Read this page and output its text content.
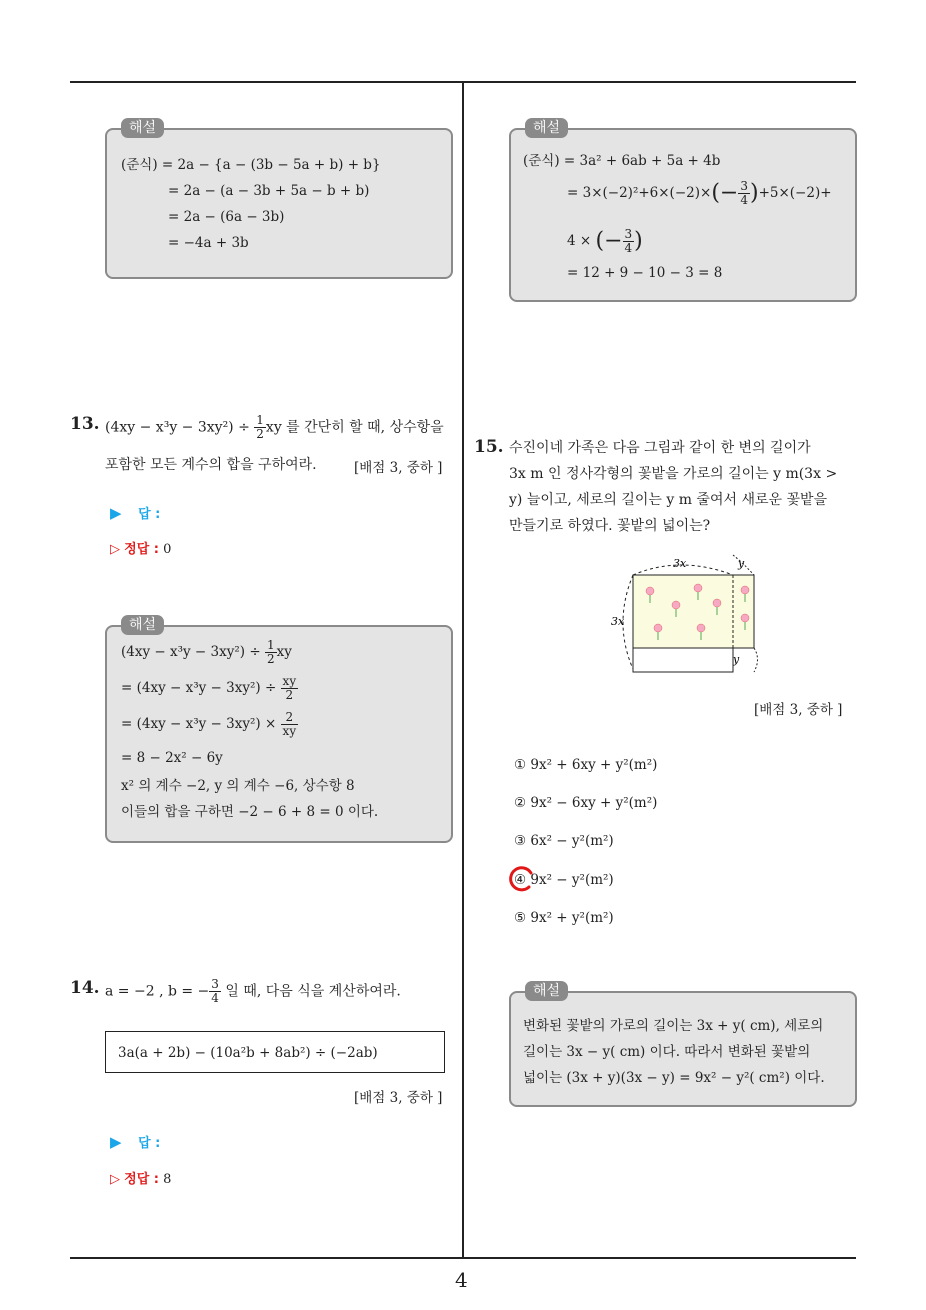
4
해설
(준식) = 2a − {a − (3b − 5a + b) + b}
= 2a − (a − 3b + 5a − b + b)
= 2a − (6a − 3b)
= −4a + 3b
13. $(4xy - x^3y - 3xy^2) \div \frac{1}{2}$ xy 를 간단히 할 때, 상수항을
포함한 모든 계수의 합을 구하여라.	[배점 3, 중하 ]
▶ 답 :
▷ 정답 : 0
해설
$(4xy - x^3y - 3xy^2) \div \frac{1}{2}$ xy
= $(4xy - x^3y - 3xy^2) \div \frac{xy}{2}$
= $(4xy - x^3y - 3xy^2) \times \frac{2}{xy}$
= 8 − 2x² − 6y
x² 의 계수 −2, y 의 계수 −6, 상수항 8
이들의 합을 구하면 −2 − 6 + 8 = 0 이다.
14. a = −2 , b = − $\frac{3}{4}$ 일 때, 다음 식을 계산하여라.
3a(a + 2b) − (10a²b + 8ab²) ÷ (−2ab)
[배점 3, 중하 ]
▶ 답 :
▷ 정답 : 8
해설
(준식) = 3a² + 6ab + 5a + 4b
= $3\times(-2)^2+6\times(-2)\times(- \frac{3}{4} )+5\times(-2)+$
4 × (− $\frac{3}{4}$ )
= 12 + 9 − 10 − 3 = 8
15. 수진이네 가족은 다음 그림과 같이 한 변의 길이가
3x m 인 정사각형의 꽃밭을 가로의 길이는 y m(3x >
y) 늘이고, 세로의 길이는 y m 줄여서 새로운 꽃밭을
만들기로 하였다. 꽃밭의 넓이는?
3x
3x
y
y
[배점 3, 중하 ]
① 9x² + 6xy + y²(m²)
② 9x² − 6xy + y²(m²)
③ 6x² − y²(m²)
④ 9x² − y²(m²)
⑤ 9x² + y²(m²)
해설
변화된 꽃밭의 가로의 길이는 3x + y( cm), 세로의
길이는 3x − y( cm) 이다. 따라서 변화된 꽃밭의
넓이는 (3x + y)(3x − y) = 9x² − y²( cm²) 이다.
